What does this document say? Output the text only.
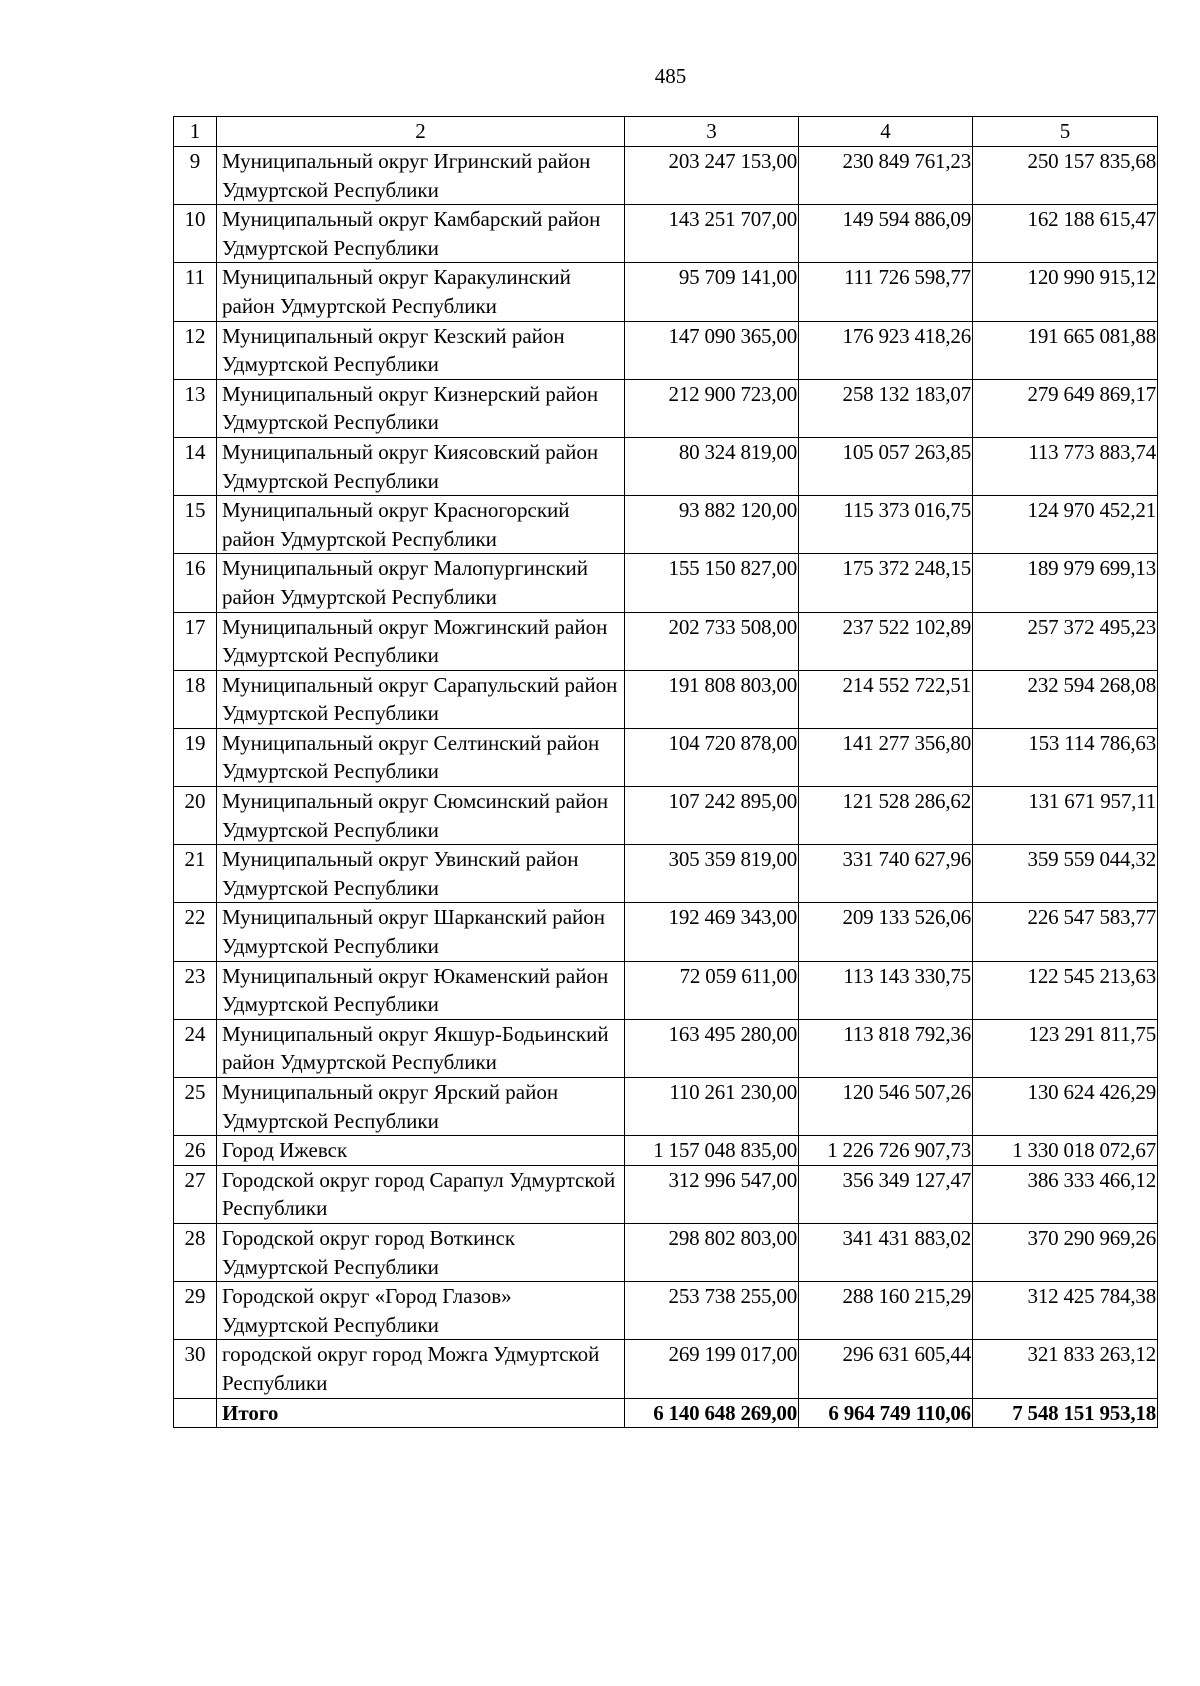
485
1	2	3	4	5
9	Муниципальный округ Игринский район Удмуртской Республики	203 247 153,00	230 849 761,23	250 157 835,68
10	Муниципальный округ Камбарский район Удмуртской Республики	143 251 707,00	149 594 886,09	162 188 615,47
11	Муниципальный округ Каракулинский район Удмуртской Республики	95 709 141,00	111 726 598,77	120 990 915,12
12	Муниципальный округ Кезский район Удмуртской Республики	147 090 365,00	176 923 418,26	191 665 081,88
13	Муниципальный округ Кизнерский район Удмуртской Республики	212 900 723,00	258 132 183,07	279 649 869,17
14	Муниципальный округ Киясовский район Удмуртской Республики	80 324 819,00	105 057 263,85	113 773 883,74
15	Муниципальный округ Красногорский район Удмуртской Республики	93 882 120,00	115 373 016,75	124 970 452,21
16	Муниципальный округ Малопургинский район Удмуртской Республики	155 150 827,00	175 372 248,15	189 979 699,13
17	Муниципальный округ Можгинский район Удмуртской Республики	202 733 508,00	237 522 102,89	257 372 495,23
18	Муниципальный округ Сарапульский район Удмуртской Республики	191 808 803,00	214 552 722,51	232 594 268,08
19	Муниципальный округ Селтинский район Удмуртской Республики	104 720 878,00	141 277 356,80	153 114 786,63
20	Муниципальный округ Сюмсинский район Удмуртской Республики	107 242 895,00	121 528 286,62	131 671 957,11
21	Муниципальный округ Увинский район Удмуртской Республики	305 359 819,00	331 740 627,96	359 559 044,32
22	Муниципальный округ Шарканский район Удмуртской Республики	192 469 343,00	209 133 526,06	226 547 583,77
23	Муниципальный округ Юкаменский район Удмуртской Республики	72 059 611,00	113 143 330,75	122 545 213,63
24	Муниципальный округ Якшур-Бодьинский район Удмуртской Республики	163 495 280,00	113 818 792,36	123 291 811,75
25	Муниципальный округ Ярский район Удмуртской Республики	110 261 230,00	120 546 507,26	130 624 426,29
26	Город Ижевск	1 157 048 835,00	1 226 726 907,73	1 330 018 072,67
27	Городской округ город Сарапул Удмуртской Республики	312 996 547,00	356 349 127,47	386 333 466,12
28	Городской округ город Воткинск Удмуртской Республики	298 802 803,00	341 431 883,02	370 290 969,26
29	Городской округ «Город Глазов» Удмуртской Республики	253 738 255,00	288 160 215,29	312 425 784,38
30	городской округ город Можга Удмуртской Республики	269 199 017,00	296 631 605,44	321 833 263,12
	Итого	6 140 648 269,00	6 964 749 110,06	7 548 151 953,18
